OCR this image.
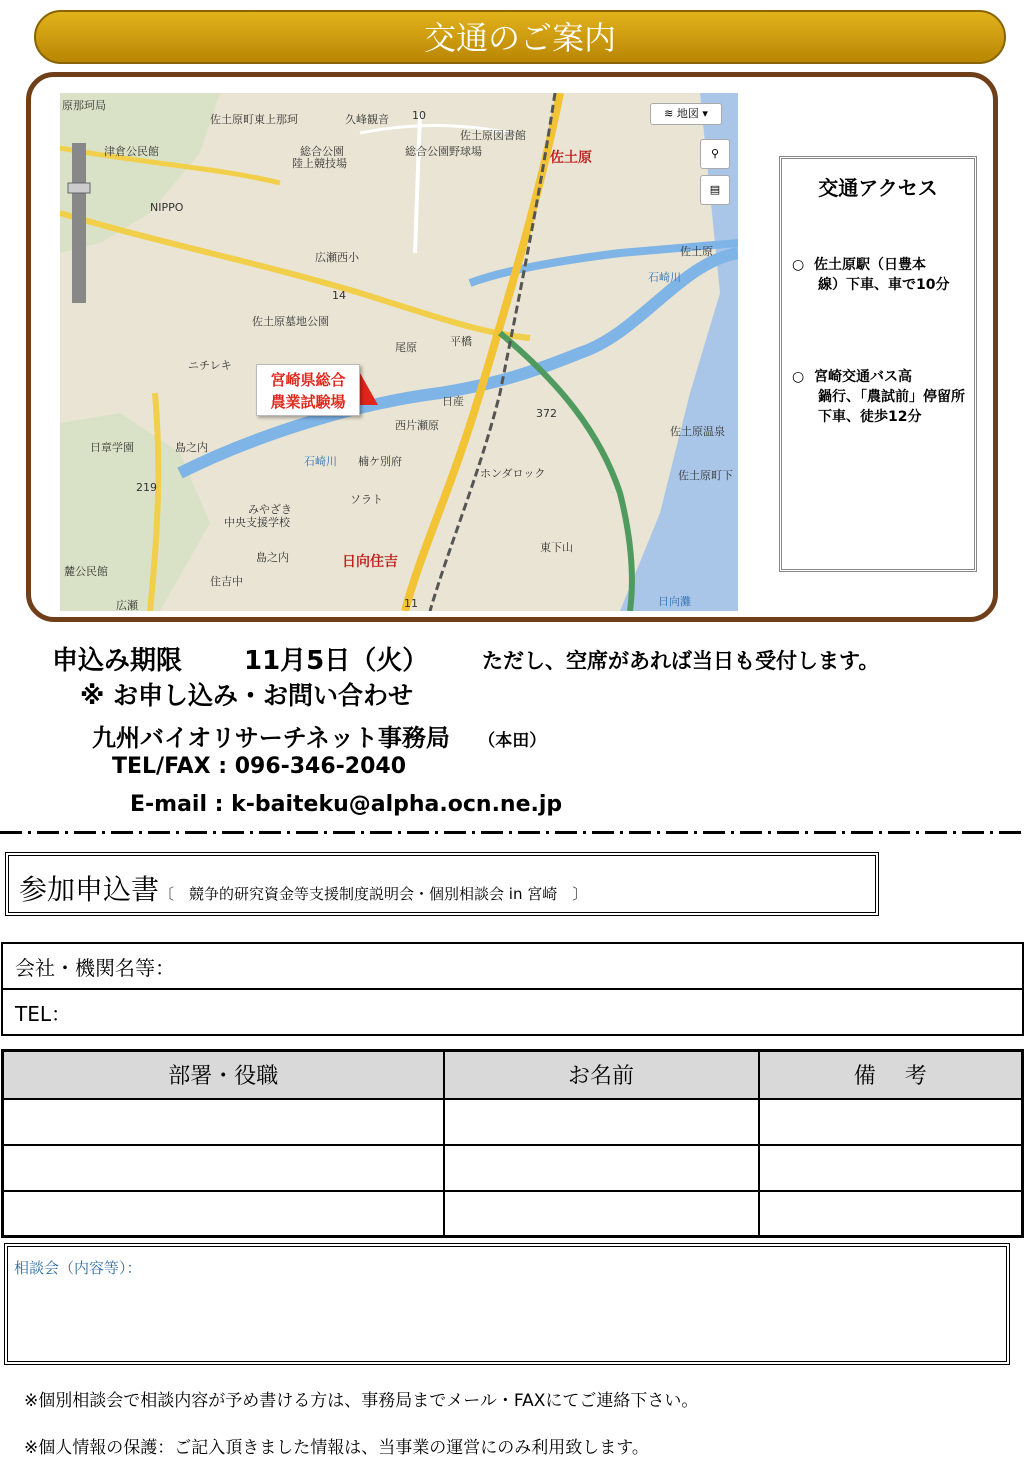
交通のご案内
原那珂局
佐土原町東上那珂	久峰観音
津倉公民館	総合公園
陸上競技場
総合公園野球場
佐土原図書館
佐土原
NIPPO
広瀬西小
佐土原墓地公園
ニチレキ
平橋
日産
西片瀬原
尾原
日章学園	島之内
石崎川 楠ケ別府
みやざき
中央支援学校
ソラト
日向住吉
島之内
住吉中
麓公民館
広瀬
佐土原温泉
佐土原町下
ホンダロック
東下山
日向灘
石崎川
佐土原
10
14
219
11
372
宮崎県総合
農業試験場
≋ 地図 ▾
⚲
▤	交通アクセス
○ 佐土原駅（日豊本
線）下車、車で10分
○ 宮崎交通バス高
鍋行、「農試前」停留所下車、徒歩12分
申込み期限 11月5日（火）	ただし、空席があれば当日も受付します。
※ お申し込み・お問い合わせ
九州バイオリサーチネット事務局 （本田）
TEL/FAX : 096-346-2040
E-mail : k-baiteku@alpha.ocn.ne.jp
参加申込書〔　競争的研究資金等支援制度説明会・個別相談会 in 宮崎　〕
会社・機関名等：
TEL：
部署・役職	お名前	備　 考

相談会（内容等）：
※個別相談会で相談内容が予め書ける方は、事務局までメール・FAXにてご連絡下さい。
※個人情報の保護：ご記入頂きました情報は、当事業の運営にのみ利用致します。
